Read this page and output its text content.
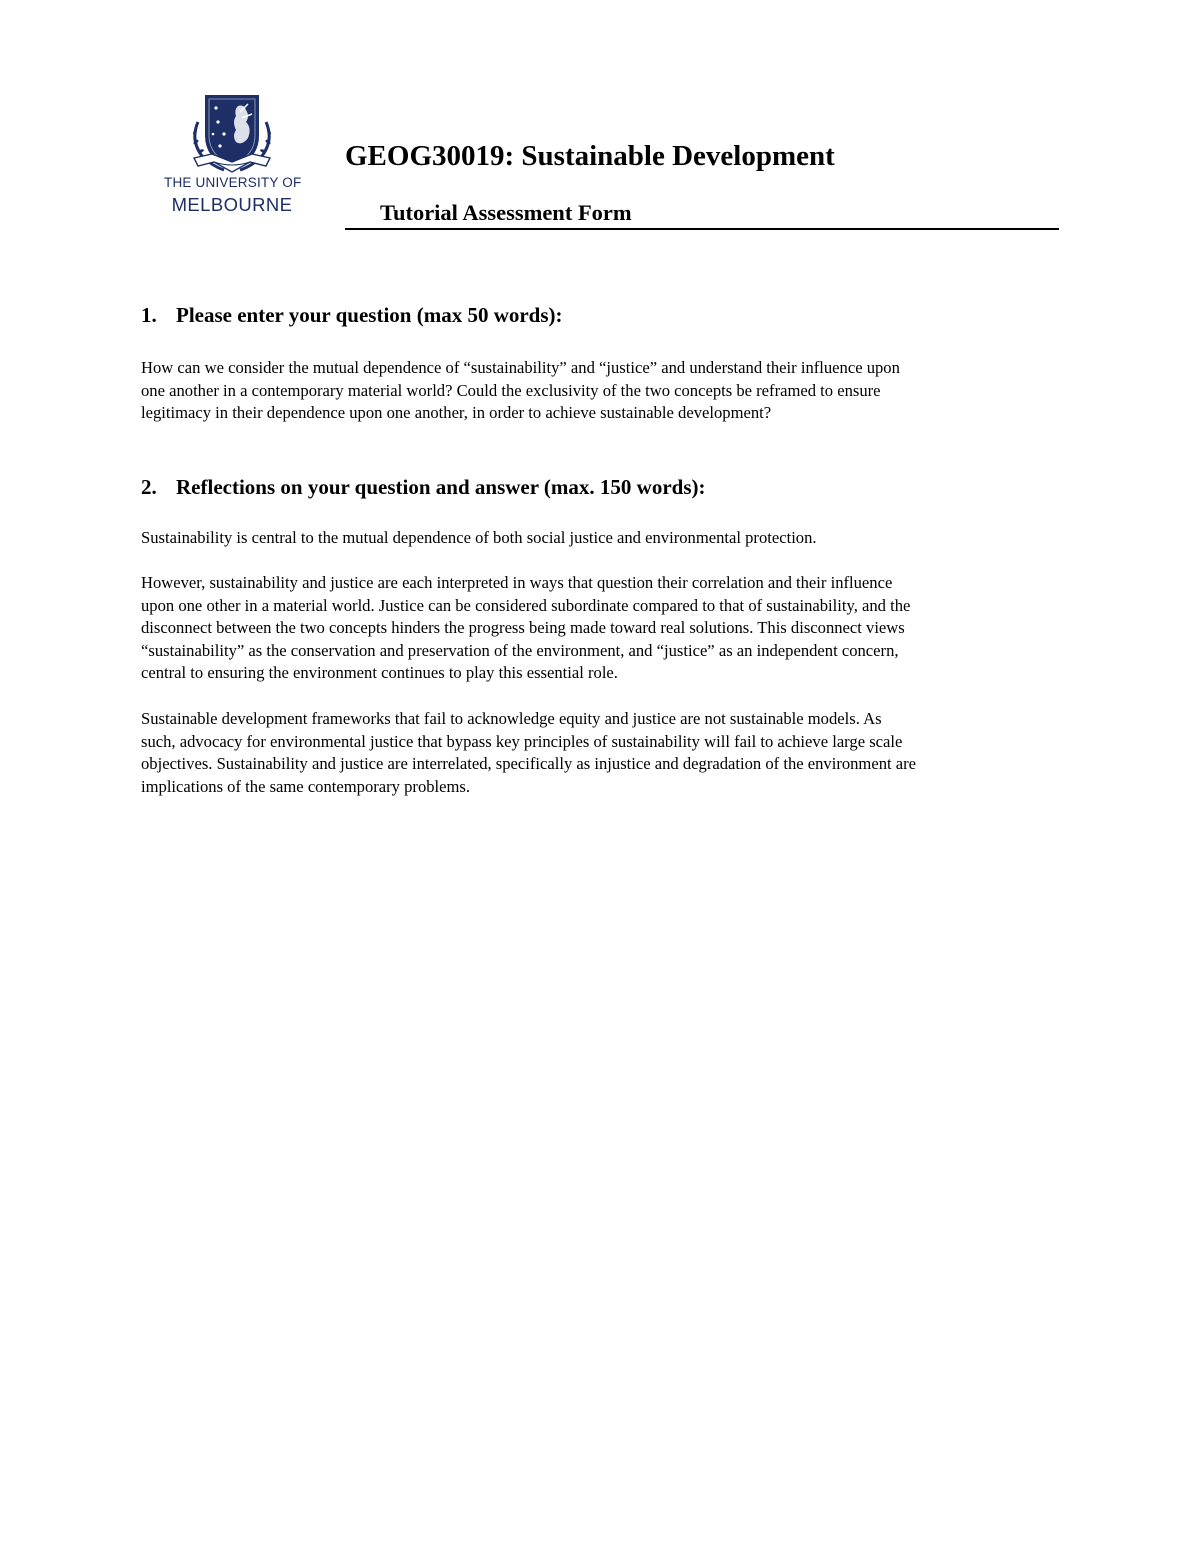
THE UNIVERSITY OF
MELBOURNE
GEOG30019: Sustainable Development
Tutorial Assessment Form
1. Please enter your question (max 50 words):

How can we consider the mutual dependence of “sustainability” and “justice” and understand their influence upon
one another in a contemporary material world? Could the exclusivity of the two concepts be reframed to ensure
legitimacy in their dependence upon one another, in order to achieve sustainable development?

2. Reflections on your question and answer (max. 150 words):

Sustainability is central to the mutual dependence of both social justice and environmental protection.

However, sustainability and justice are each interpreted in ways that question their correlation and their influence
upon one other in a material world. Justice can be considered subordinate compared to that of sustainability, and the
disconnect between the two concepts hinders the progress being made toward real solutions. This disconnect views
“sustainability” as the conservation and preservation of the environment, and “justice” as an independent concern,
central to ensuring the environment continues to play this essential role.

Sustainable development frameworks that fail to acknowledge equity and justice are not sustainable models. As
such, advocacy for environmental justice that bypass key principles of sustainability will fail to achieve large scale
objectives. Sustainability and justice are interrelated, specifically as injustice and degradation of the environment are
implications of the same contemporary problems.
